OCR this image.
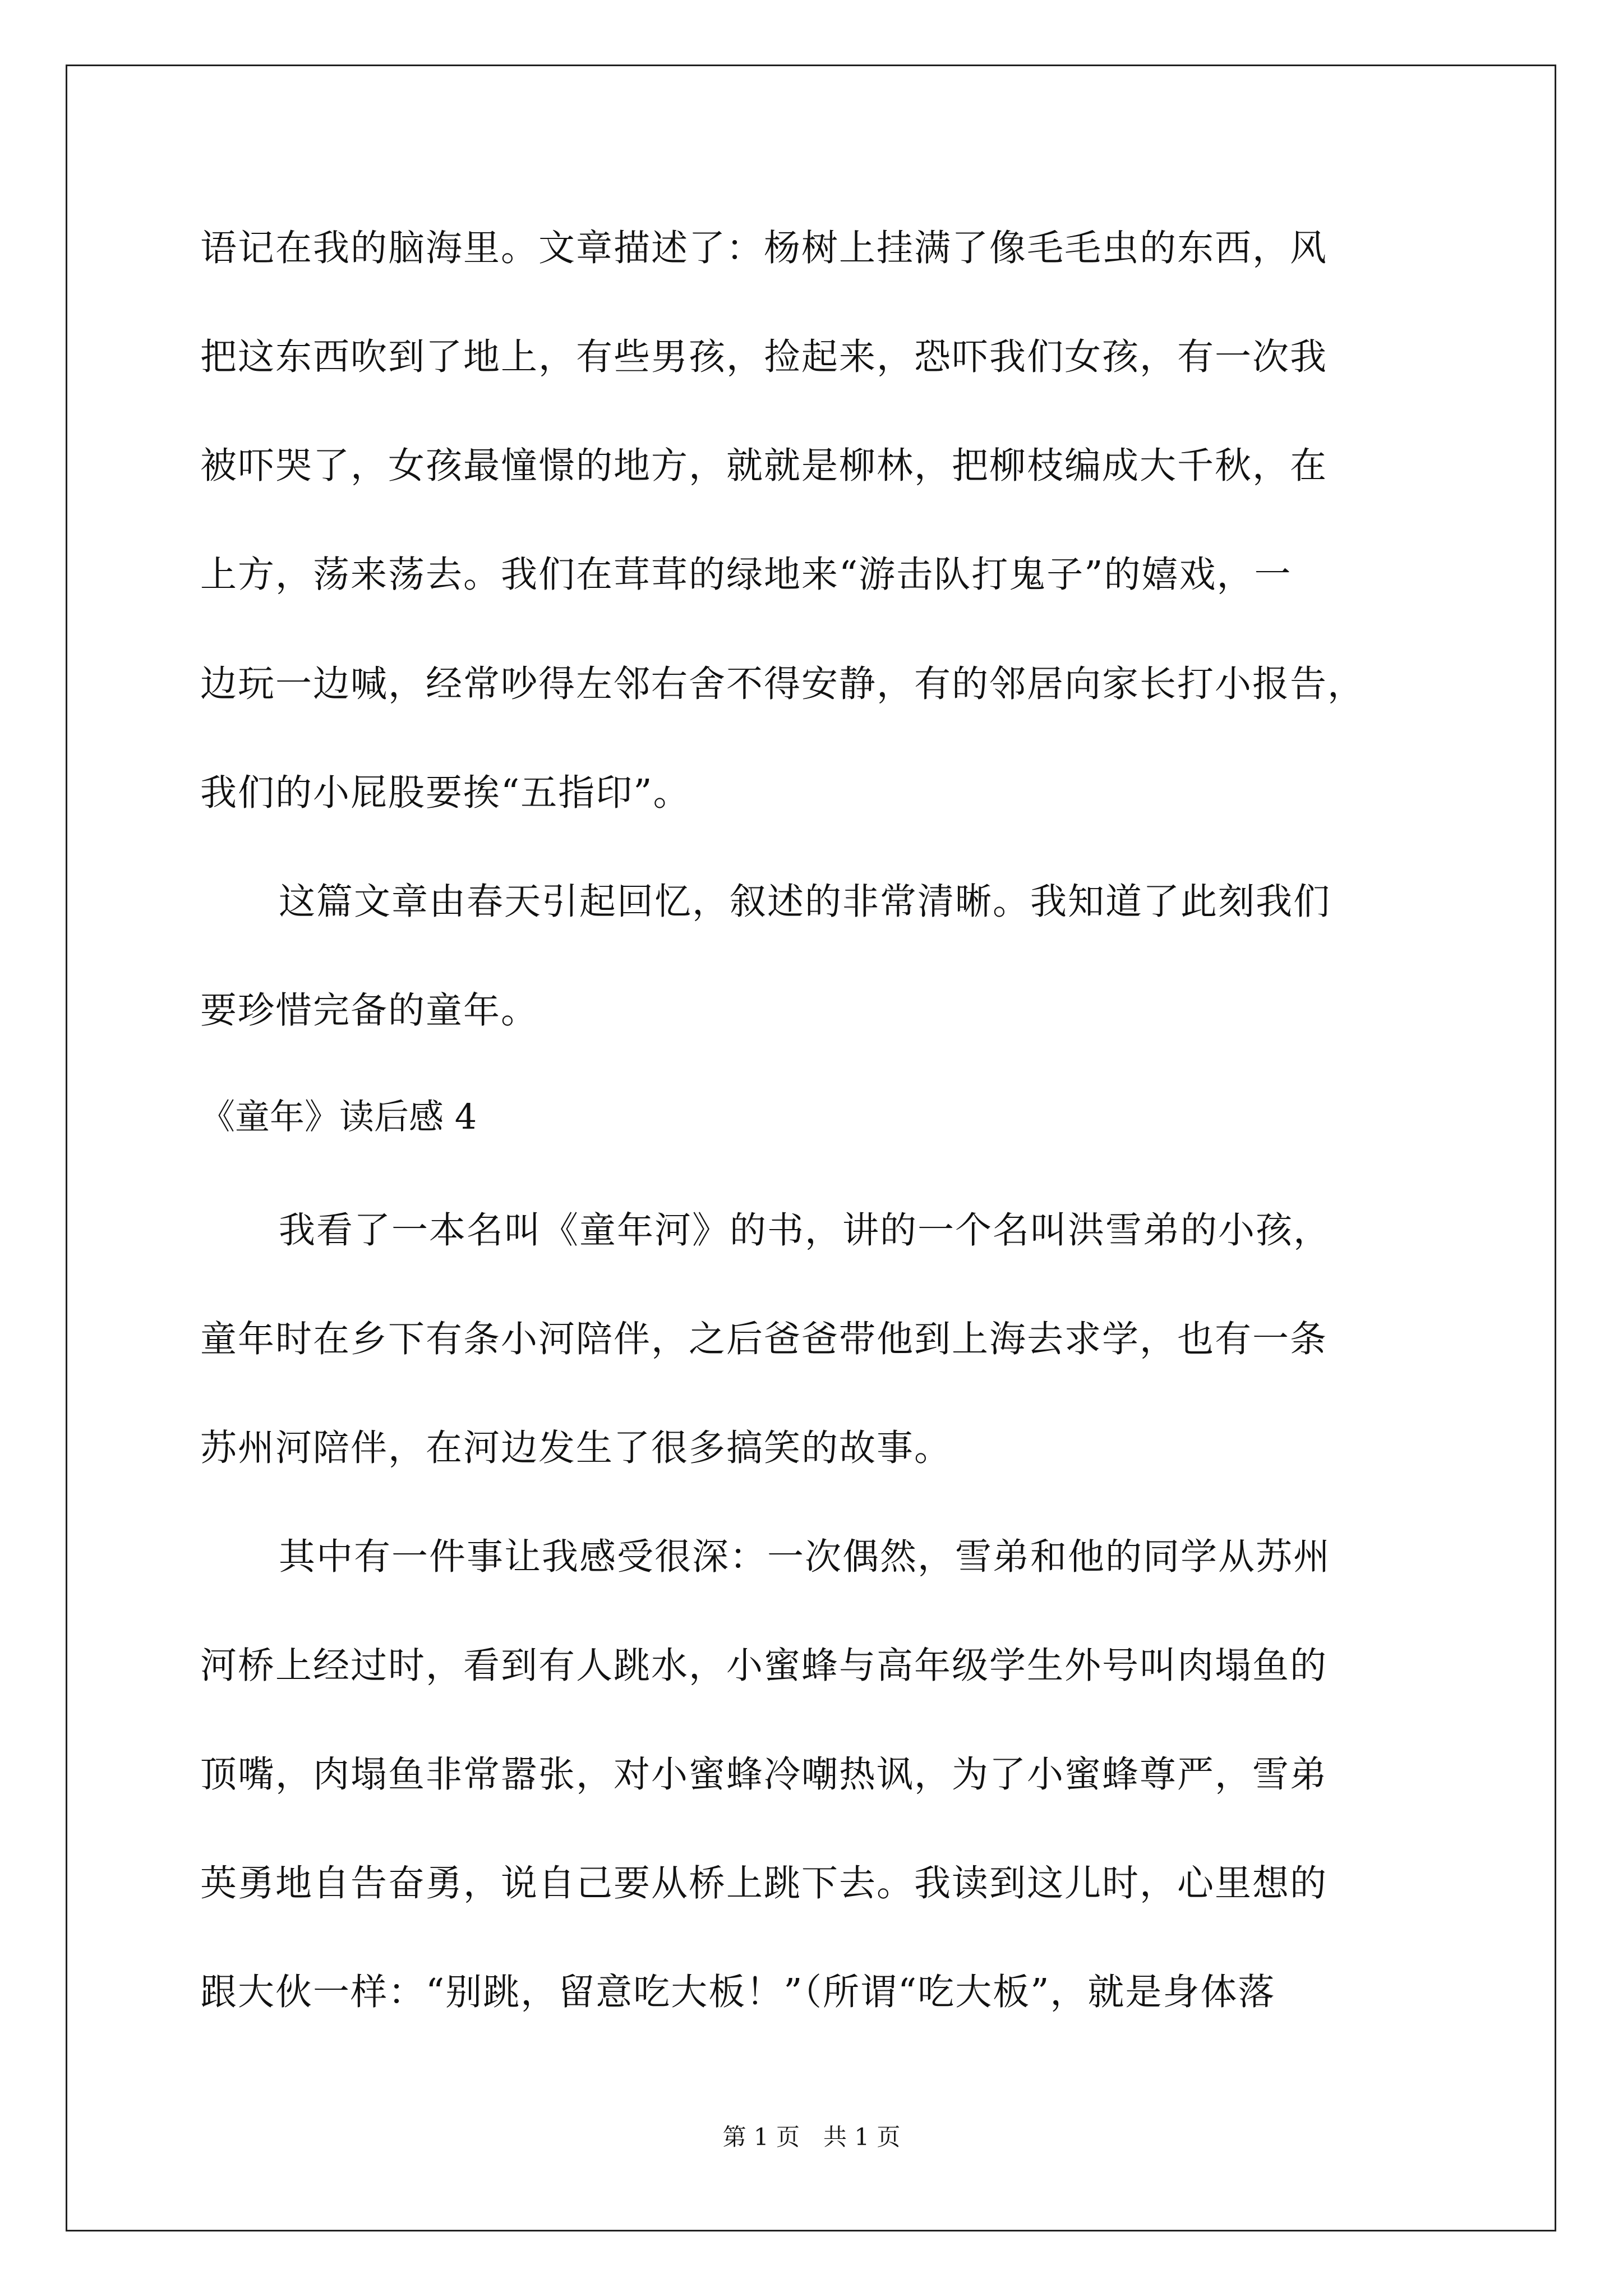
语记在我的脑海里。文章描述了：杨树上挂满了像毛毛虫的东西，风
把这东西吹到了地上，有些男孩，捡起来，恐吓我们女孩，有一次我
被吓哭了，女孩最憧憬的地方，就就是柳林，把柳枝编成大千秋，在
上方，荡来荡去。我们在茸茸的绿地来“游击队打鬼子”的嬉戏，一
边玩一边喊，经常吵得左邻右舍不得安静，有的邻居向家长打小报告，
我们的小屁股要挨“五指印”。
这篇文章由春天引起回忆，叙述的非常清晰。我知道了此刻我们
要珍惜完备的童年。
《童年》读后感 4
我看了一本名叫《童年河》的书，讲的一个名叫洪雪弟的小孩，
童年时在乡下有条小河陪伴，之后爸爸带他到上海去求学，也有一条
苏州河陪伴，在河边发生了很多搞笑的故事。
其中有一件事让我感受很深：一次偶然，雪弟和他的同学从苏州
河桥上经过时，看到有人跳水，小蜜蜂与高年级学生外号叫肉塌鱼的
顶嘴，肉塌鱼非常嚣张，对小蜜蜂冷嘲热讽，为了小蜜蜂尊严，雪弟
英勇地自告奋勇，说自己要从桥上跳下去。我读到这儿时，心里想的
跟大伙一样：“别跳，留意吃大板！”（所谓“吃大板”，就是身体落
第 1 页　共 1 页
